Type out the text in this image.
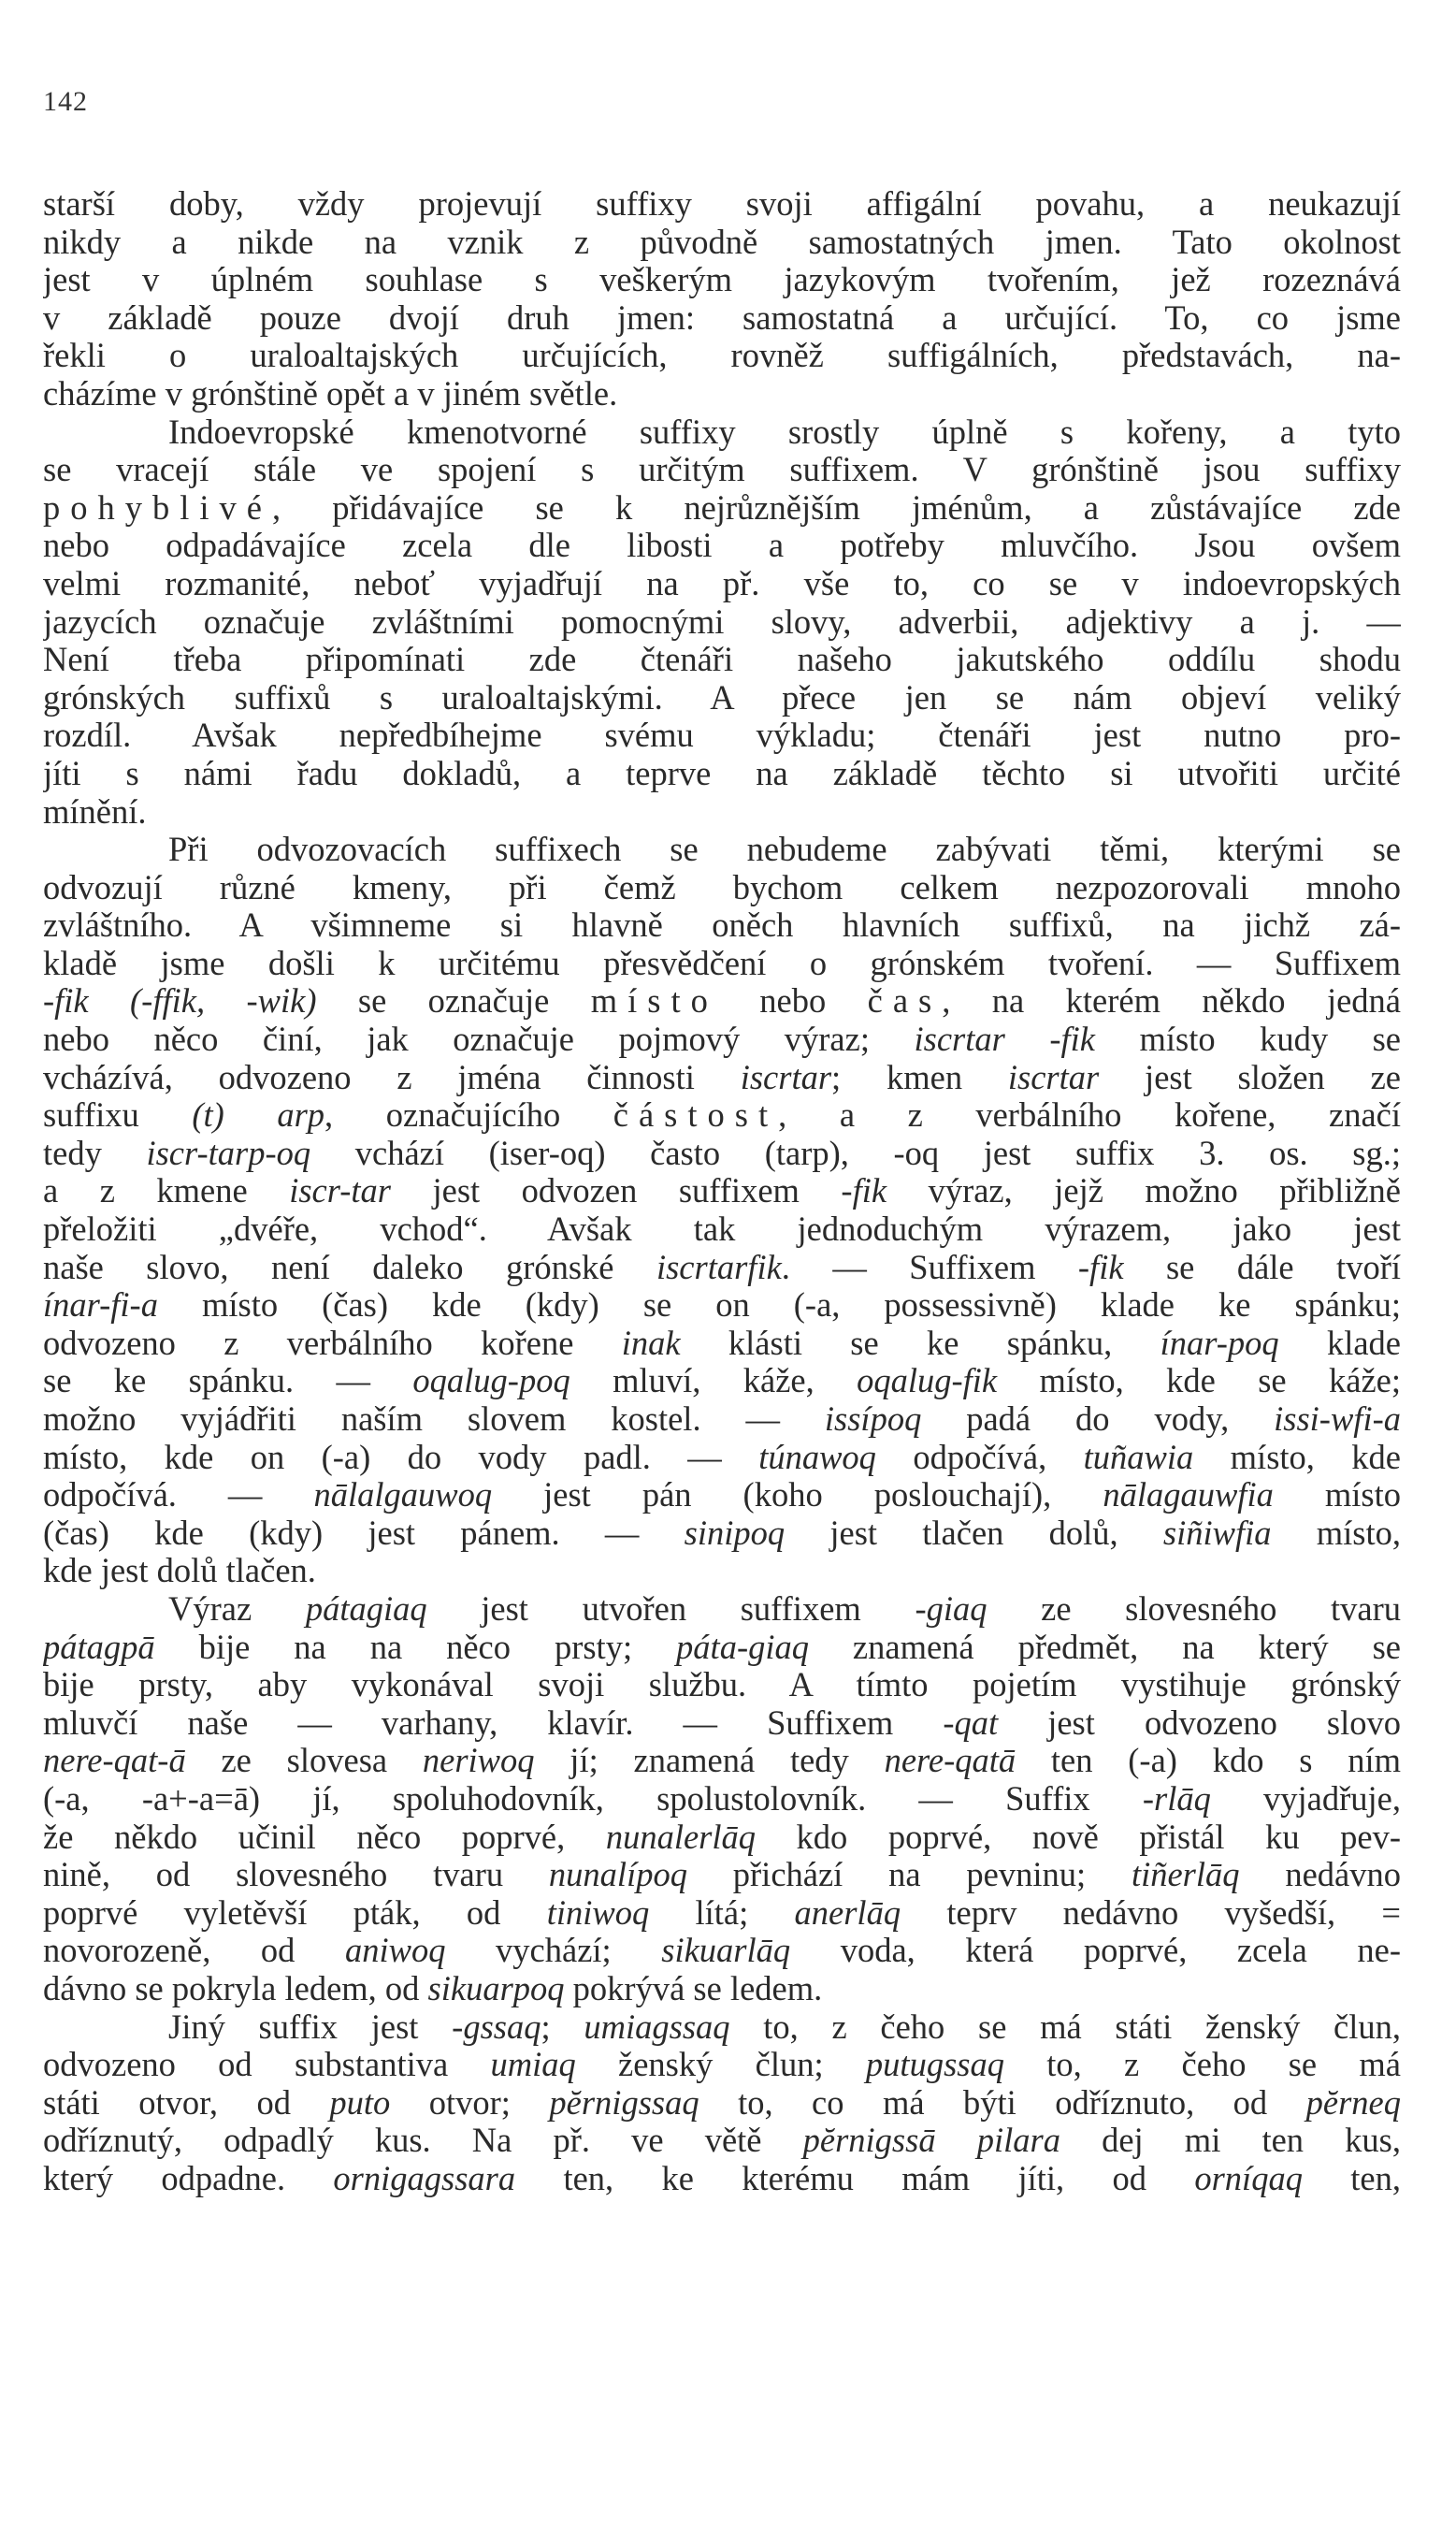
142
starší doby, vždy projevují suffixy svoji affigální povahu, a neukazují
nikdy a nikde na vznik z původně samostatných jmen. Tato okolnost
jest v úplném souhlase s veškerým jazykovým tvořením, jež rozeznává
v základě pouze dvojí druh jmen: samostatná a určující. To, co jsme
řekli o uraloaltajských určujících, rovněž suffigálních, představách, na-
cházíme v grónštině opět a v jiném světle.
Indoevropské kmenotvorné suffixy srostly úplně s kořeny, a tyto
se vracejí stále ve spojení s určitým suffixem. V grónštině jsou suffixy
pohyblivé, přidávajíce se k nejrůznějším jménům, a zůstávajíce zde
nebo odpadávajíce zcela dle libosti a potřeby mluvčího. Jsou ovšem
velmi rozmanité, neboť vyjadřují na př. vše to, co se v indoevropských
jazycích označuje zvláštními pomocnými slovy, adverbii, adjektivy a j. —
Není třeba připomínati zde čtenáři našeho jakutského oddílu shodu
grónských suffixů s uraloaltajskými. A přece jen se nám objeví veliký
rozdíl. Avšak nepředbíhejme svému výkladu; čtenáři jest nutno pro-
jíti s námi řadu dokladů, a teprve na základě těchto si utvořiti určité
mínění.
Při odvozovacích suffixech se nebudeme zabývati těmi, kterými se
odvozují různé kmeny, při čemž bychom celkem nezpozorovali mnoho
zvláštního. A všimneme si hlavně oněch hlavních suffixů, na jichž zá-
kladě jsme došli k určitému přesvědčení o grónském tvoření. — Suffixem
-fik (-ffik, -wik) se označuje místo nebo čas, na kterém někdo jedná
nebo něco činí, jak označuje pojmový výraz; iscrtar -fik místo kudy se
vcházívá, odvozeno z jména činnosti iscrtar; kmen iscrtar jest složen ze
suffixu (t) arp, označujícího částost, a z verbálního kořene, značí
tedy iscr-tarp-oq vchází (iser-oq) často (tarp), -oq jest suffix 3. os. sg.;
a z kmene iscr-tar jest odvozen suffixem -fik výraz, jejž možno přibližně
přeložiti „dvéře, vchod“. Avšak tak jednoduchým výrazem, jako jest
naše slovo, není daleko grónské iscrtarfik. — Suffixem -fik se dále tvoří
ínar-fi-a místo (čas) kde (kdy) se on (-a, possessivně) klade ke spánku;
odvozeno z verbálního kořene inak klásti se ke spánku, ínar-poq klade
se ke spánku. — oqalug-poq mluví, káže, oqalug-fik místo, kde se káže;
možno vyjádřiti naším slovem kostel. — issípoq padá do vody, issi-wfi-a
místo, kde on (-a) do vody padl. — túnawoq odpočívá, tuñawia místo, kde
odpočívá. — nālalgauwoq jest pán (koho poslouchají), nālagauwfia místo
(čas) kde (kdy) jest pánem. — sinipoq jest tlačen dolů, siñiwfia místo,
kde jest dolů tlačen.
Výraz pátagiaq jest utvořen suffixem -giaq ze slovesného tvaru
pátagpā bije na na něco prsty; páta-giaq znamená předmět, na který se
bije prsty, aby vykonával svoji službu. A tímto pojetím vystihuje grónský
mluvčí naše — varhany, klavír. — Suffixem -qat jest odvozeno slovo
nere-qat-ā ze slovesa neriwoq jí; znamená tedy nere-qatā ten (-a) kdo s ním
(-a, -a+-a=ā) jí, spoluhodovník, spolustolovník. — Suffix -rlāq vyjadřuje,
že někdo učinil něco poprvé, nunalerlāq kdo poprvé, nově přistál ku pev-
nině, od slovesného tvaru nunalípoq přichází na pevninu; tiñerlāq nedávno
poprvé vyletěvší pták, od tiniwoq lítá; anerlāq teprv nedávno vyšedší, =
novorozeně, od aniwoq vychází; sikuarlāq voda, která poprvé, zcela ne-
dávno se pokryla ledem, od sikuarpoq pokrývá se ledem.
Jiný suffix jest -gssaq; umiagssaq to, z čeho se má státi ženský člun,
odvozeno od substantiva umiaq ženský člun; putugssaq to, z čeho se má
státi otvor, od puto otvor; pĕrnigssaq to, co má býti odříznuto, od pĕrneq
odříznutý, odpadlý kus. Na př. ve větě pĕrnigssā pilara dej mi ten kus,
který odpadne. ornigagssara ten, ke kterému mám jíti, od orníqaq ten,
